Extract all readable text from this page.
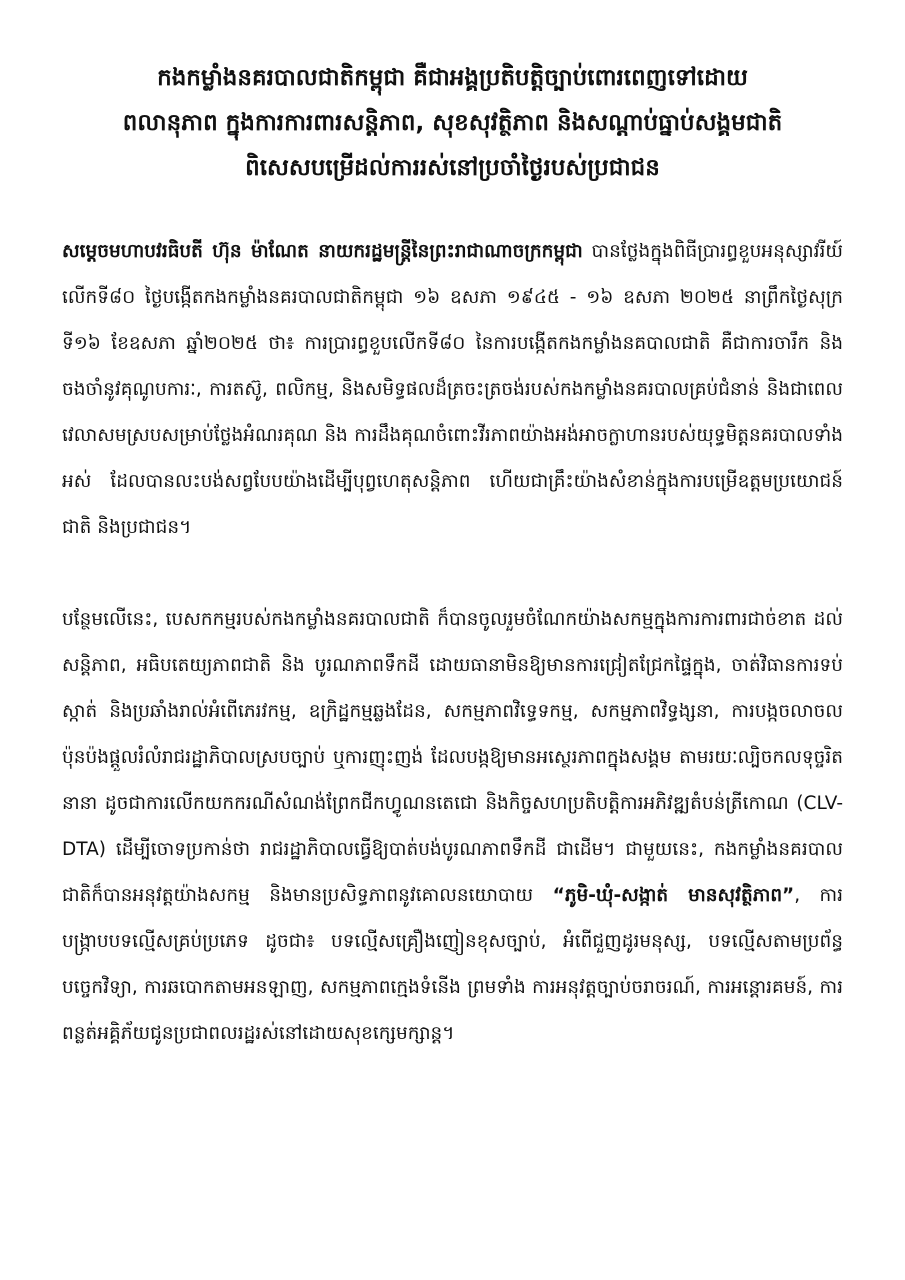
កងកម្លាំងនគរបាលជាតិកម្ពុជា គឺជាអង្គប្រតិបត្តិច្បាប់ពោរពេញទៅដោយ
ពលានុភាព ក្នុងការការពារសន្តិភាព, សុខសុវត្ថិភាព និងសណ្តាប់ធ្នាប់សង្គមជាតិ
ពិសេសបម្រើដល់ការរស់នៅប្រចាំថ្ងៃរបស់ប្រជាជន

សម្តេចមហាបវរធិបតី ហ៊ុន ម៉ាណែត នាយករដ្ឋមន្ត្រីនៃព្រះរាជាណាចក្រកម្ពុជា បានថ្លែងក្នុងពិធីប្រារព្ធខួបអនុស្សាវរីយ៍លើកទី៨០ ថ្ងៃបង្កើតកងកម្លាំងនគរបាលជាតិកម្ពុជា ១៦ ឧសភា ១៩៤៥ - ១៦ ឧសភា ២០២៥ នាព្រឹកថ្ងៃសុក្រ ទី១៦ ខែឧសភា ឆ្នាំ២០២៥ ថា៖ ការប្រារព្ធខួបលើកទី៨០ នៃការបង្កើតកងកម្លាំងនគបាលជាតិ គឺជាការចារឹក និងចងចាំនូវគុណូបការៈ, ការតស៊ូ, ពលិកម្ម, និងសមិទ្ធផលដ៏ត្រចះត្រចង់របស់កងកម្លាំងនគរបាលគ្រប់ជំនាន់ និងជាពេលវេលាសមស្របសម្រាប់ថ្លែងអំណរគុណ និង ការដឹងគុណចំពោះវីរភាពយ៉ាងអង់អាចក្លាហានរបស់យុទ្ធមិត្តនគរបាលទាំងអស់ ដែលបានលះបង់សព្វបែបយ៉ាងដើម្បីបុព្វហេតុសន្តិភាព ហើយជាគ្រឹះយ៉ាងសំខាន់ក្នុងការបម្រើឧត្តមប្រយោជន៍ជាតិ និងប្រជាជន។

បន្ថែមលើនេះ, បេសកកម្មរបស់កងកម្លាំងនគរបាលជាតិ ក៏បានចូលរួមចំណែកយ៉ាងសកម្មក្នុងការការពារជាច់ខាត ដល់សន្តិភាព, អធិបតេយ្យភាពជាតិ និង បូរណភាពទឹកដី ដោយធានាមិនឱ្យមានការជ្រៀតជ្រែកផ្ទៃក្នុង, ចាត់វិធានការទប់ស្កាត់ និងប្រឆាំងរាល់អំពើភេរវកម្ម, ឧក្រិដ្ឋកម្មឆ្លងដែន, សកម្មភាពវិទ្ធេទកម្ម, សកម្មភាពវិទ្ធង្សនា, ការបង្កចលាចលប៉ុនប៉ងផ្តួលរំលំរាជរដ្ឋាភិបាលស្របច្បាប់ ឬការញុះញង់ ដែលបង្កឱ្យមានអស្ថេរភាពក្នុងសង្គម តាមរយៈល្បិចកលទុច្ចរិតនានា ដូចជាការលើកយកករណីសំណង់ព្រែកជីកហ្វូណនតេជោ និងកិច្ចសហប្រតិបត្តិការអភិវឌ្ឍតំបន់ត្រីកោណ (CLV-DTA) ដើម្បីចោទប្រកាន់ថា រាជរដ្ឋាភិបាលធ្វើឱ្យបាត់បង់បូរណភាពទឹកដី ជាដើម។ ជាមួយនេះ, កងកម្លាំងនគរបាលជាតិក៏បានអនុវត្តយ៉ាងសកម្ម និងមានប្រសិទ្ធភាពនូវគោលនយោបាយ “ភូមិ-ឃុំ-សង្កាត់ មានសុវត្ថិភាព”, ការបង្ក្រាបបទល្មើសគ្រប់ប្រភេទ ដូចជា៖ បទល្មើសគ្រឿងញៀនខុសច្បាប់, អំពើជួញដូរមនុស្ស, បទល្មើសតាមប្រព័ន្ធបច្ចេកវិទ្យា, ការឆបោកតាមអនឡាញ, សកម្មភាពក្មេងទំនើង ព្រមទាំង ការអនុវត្តច្បាប់ចរាចរណ៍, ការអន្តោរគមន៍, ការពន្លត់អគ្គិភ័យជូនប្រជាពលរដ្ឋរស់នៅដោយសុខក្សេមក្សាន្ត។
